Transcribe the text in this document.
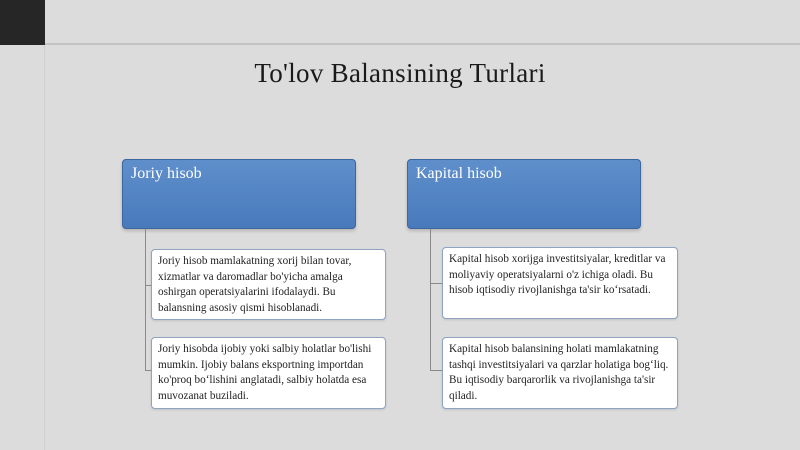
To'lov Balansining Turlari
Joriy hisob
Joriy hisob mamlakatning xorij bilan tovar, xizmatlar va daromadlar bo'yicha amalga oshirgan operatsiyalarini ifodalaydi. Bu balansning asosiy qismi hisoblanadi.
Joriy hisobda ijobiy yoki salbiy holatlar bo'lishi mumkin. Ijobiy balans eksportning importdan ko'proq bo‘lishini anglatadi, salbiy holatda esa muvozanat buziladi.
Kapital hisob
Kapital hisob xorijga investitsiyalar, kreditlar va moliyaviy operatsiyalarni o'z ichiga oladi. Bu hisob iqtisodiy rivojlanishga ta'sir ko‘rsatadi.
Kapital hisob balansining holati mamlakatning tashqi investitsiyalari va qarzlar holatiga bog‘liq. Bu iqtisodiy barqarorlik va rivojlanishga ta'sir qiladi.
